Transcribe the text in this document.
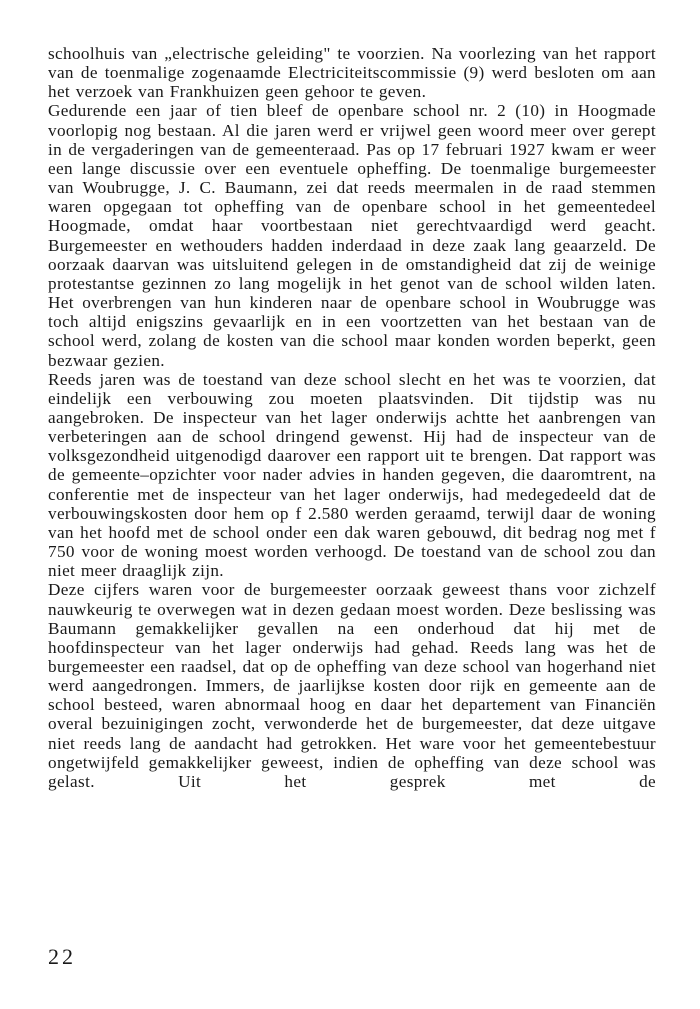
schoolhuis van „electrische geleiding" te voorzien. Na voorlezing van het rapport van de toenmalige zogenaamde Electriciteitscommissie (9) werd besloten om aan het verzoek van Frankhuizen geen gehoor te geven.

Gedurende een jaar of tien bleef de openbare school nr. 2 (10) in Hoogmade voorlopig nog bestaan. Al die jaren werd er vrijwel geen woord meer over gerept in de vergaderingen van de gemeenteraad. Pas op 17 februari 1927 kwam er weer een lange discussie over een eventuele opheffing. De toenmalige burgemeester van Woubrugge, J. C. Baumann, zei dat reeds meermalen in de raad stemmen waren opgegaan tot opheffing van de openbare school in het gemeentedeel Hoogmade, omdat haar voortbestaan niet gerechtvaardigd werd geacht. Burgemeester en wethouders hadden inderdaad in deze zaak lang geaarzeld. De oorzaak daarvan was uitsluitend gelegen in de omstandigheid dat zij de weinige protestantse gezinnen zo lang mogelijk in het genot van de school wilden laten. Het overbrengen van hun kinderen naar de openbare school in Woubrugge was toch altijd enigszins gevaarlijk en in een voortzetten van het bestaan van de school werd, zolang de kosten van die school maar konden worden beperkt, geen bezwaar gezien.

Reeds jaren was de toestand van deze school slecht en het was te voorzien, dat eindelijk een verbouwing zou moeten plaatsvinden. Dit tijdstip was nu aangebroken. De inspecteur van het lager onderwijs achtte het aanbrengen van verbeteringen aan de school dringend gewenst. Hij had de inspecteur van de volksgezondheid uitgenodigd daarover een rapport uit te brengen. Dat rapport was de gemeente–opzichter voor nader advies in handen gegeven, die daaromtrent, na conferentie met de inspecteur van het lager onderwijs, had medegedeeld dat de verbouwingskosten door hem op f 2.580 werden geraamd, terwijl daar de woning van het hoofd met de school onder een dak waren gebouwd, dit bedrag nog met f 750 voor de woning moest worden verhoogd. De toestand van de school zou dan niet meer draaglijk zijn.

Deze cijfers waren voor de burgemeester oorzaak geweest thans voor zichzelf nauwkeurig te overwegen wat in dezen gedaan moest worden. Deze beslissing was Baumann gemakkelijker gevallen na een onderhoud dat hij met de hoofdinspecteur van het lager onderwijs had gehad. Reeds lang was het de burgemeester een raadsel, dat op de opheffing van deze school van hogerhand niet werd aangedrongen. Immers, de jaarlijkse kosten door rijk en gemeente aan de school besteed, waren abnormaal hoog en daar het departement van Financiën overal bezuinigingen zocht, verwonderde het de burgemeester, dat deze uitgave niet reeds lang de aandacht had getrokken. Het ware voor het gemeentebestuur ongetwijfeld gemakkelijker geweest, indien de opheffing van deze school was gelast. Uit het gesprek met de

22
